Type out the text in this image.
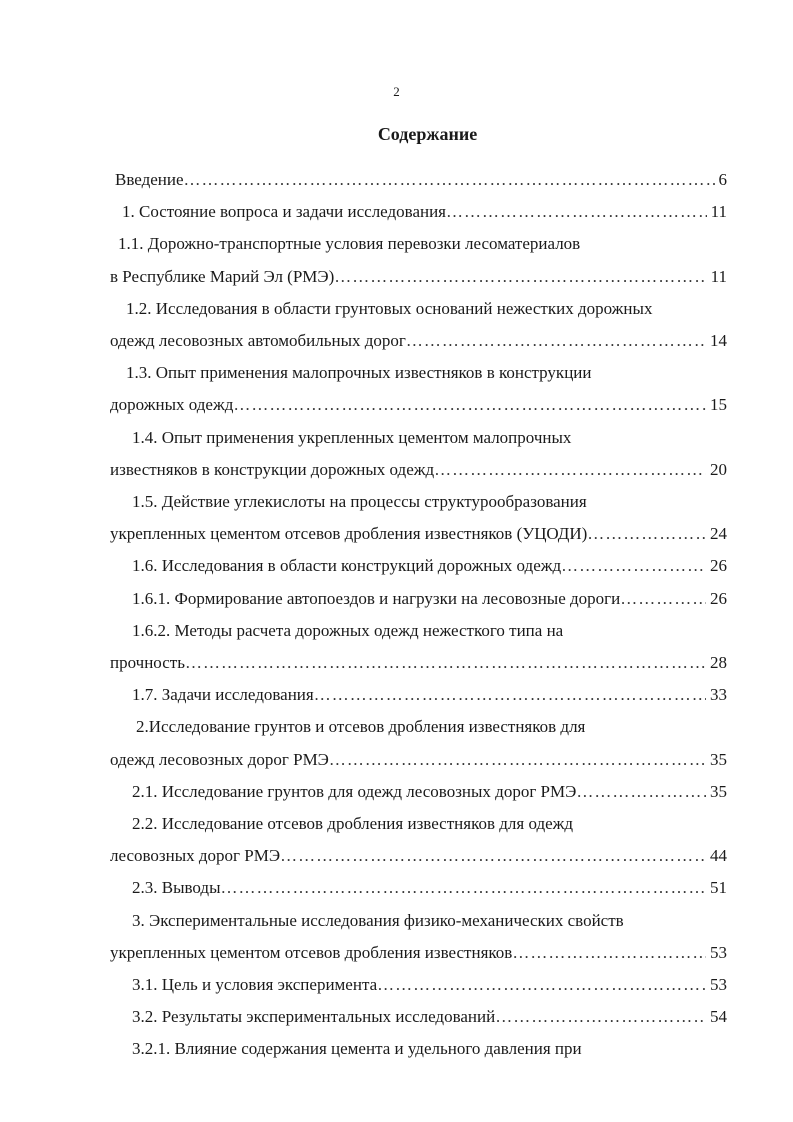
2
Содержание
Введение …………………………………………………………………………………………………………………………………………………………	6
1. Состояние вопроса и задачи исследования …………………………………………………………………………………………………………………………………………………………	11
1.1. Дорожно-транспортные условия перевозки лесоматериалов
в Республике Марий Эл (РМЭ) …………………………………………………………………………………………………………………………………………………………	11
1.2. Исследования в области грунтовых оснований нежестких дорожных
одежд лесовозных автомобильных дорог …………………………………………………………………………………………………………………………………………………………	14
1.3. Опыт применения малопрочных известняков в конструкции
дорожных одежд …………………………………………………………………………………………………………………………………………………………	15
1.4. Опыт применения укрепленных цементом малопрочных
известняков в конструкции дорожных одежд …………………………………………………………………………………………………………………………………………………………	20
1.5. Действие углекислоты на процессы структурообразования
укрепленных цементом отсевов дробления известняков (УЦОДИ) …………………………………………………………………………………………………………………………………………………………	24
1.6. Исследования в области конструкций дорожных одежд …………………………………………………………………………………………………………………………………………………………	26
1.6.1. Формирование автопоездов и нагрузки на лесовозные дороги …………………………………………………………………………………………………………………………………………………………	26
1.6.2. Методы расчета дорожных одежд нежесткого типа на
прочность …………………………………………………………………………………………………………………………………………………………	28
1.7. Задачи исследования …………………………………………………………………………………………………………………………………………………………	33
2.Исследование грунтов и отсевов дробления известняков для
одежд лесовозных дорог РМЭ …………………………………………………………………………………………………………………………………………………………	35
2.1. Исследование грунтов для одежд лесовозных дорог РМЭ …………………………………………………………………………………………………………………………………………………………	35
2.2. Исследование отсевов дробления известняков для одежд
лесовозных дорог РМЭ …………………………………………………………………………………………………………………………………………………………	44
2.3. Выводы …………………………………………………………………………………………………………………………………………………………	51
3. Экспериментальные исследования физико-механических свойств
укрепленных цементом отсевов дробления известняков …………………………………………………………………………………………………………………………………………………………	53
3.1. Цель и условия эксперимента …………………………………………………………………………………………………………………………………………………………	53
3.2. Результаты экспериментальных исследований …………………………………………………………………………………………………………………………………………………………	54
3.2.1. Влияние содержания цемента и удельного давления при
